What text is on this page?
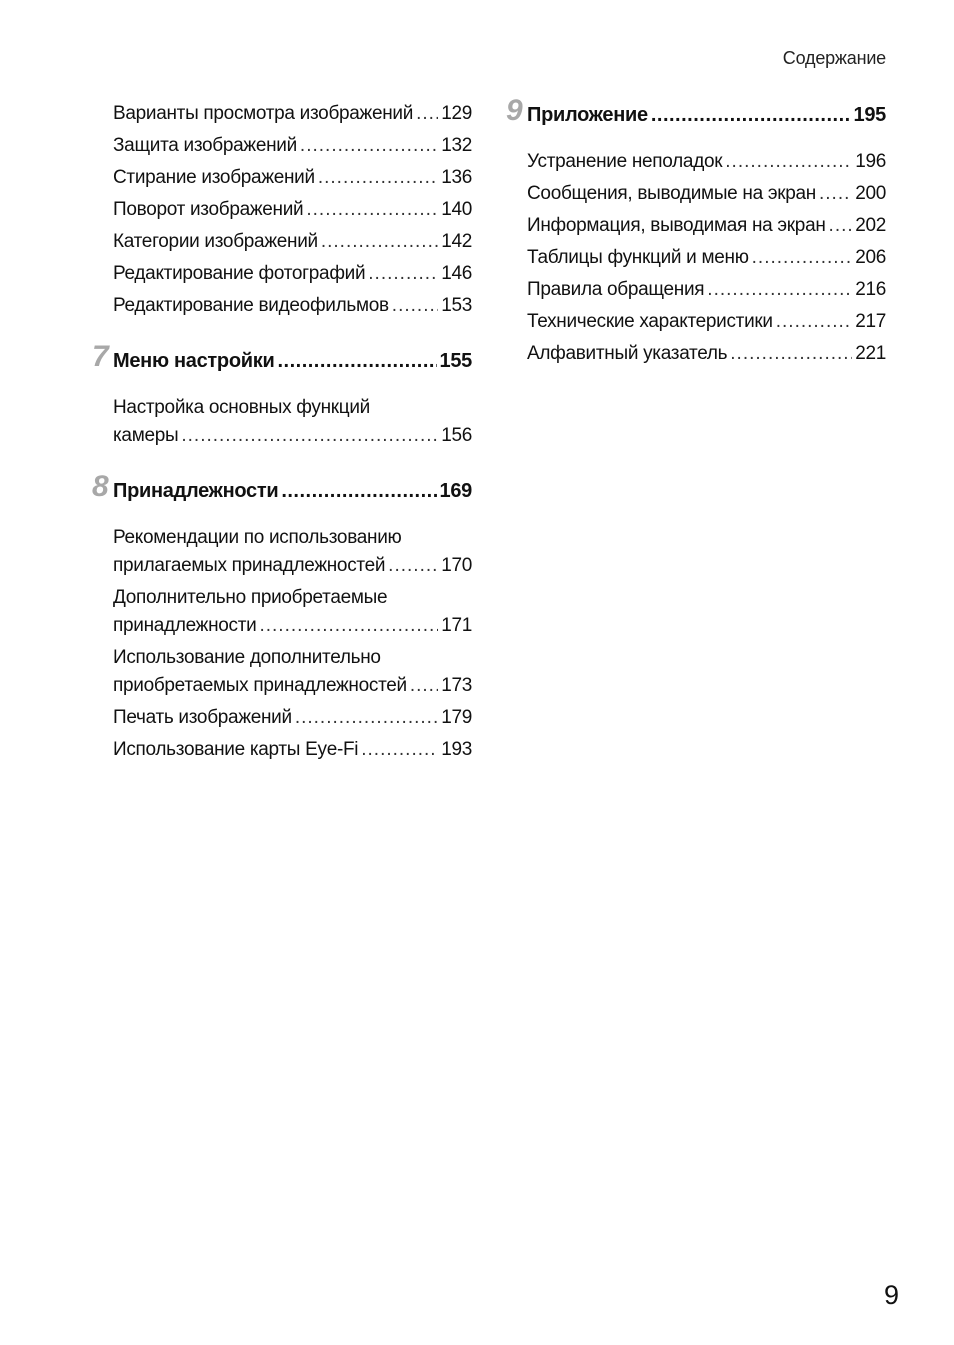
Содержание
Варианты просмотра изображений ..... 129
Защита изображений .....	132
Стирание изображений .....	136
Поворот изображений .....	140
Категории изображений .....	142
Редактирование фотографий .....	146
Редактирование видеофильмов .....	153
7 Меню настройки .....	155
Настройка основных функций
камеры .....	156
8 Принадлежности .....	169
Рекомендации по использованию
прилагаемых принадлежностей .....	170
Дополнительно приобретаемые
принадлежности .....	171
Использование дополнительно
приобретаемых принадлежностей ..... 173
Печать изображений .....	179
Использование карты Eye-Fi .....	193
9 Приложение .....	195
Устранение неполадок .....	196
Сообщения, выводимые на экран ..... 200
Информация, выводимая на экран ..... 202
Таблицы функций и меню .....	206
Правила обращения .....	216
Технические характеристики .....	217
Алфавитный указатель .....	221
9
